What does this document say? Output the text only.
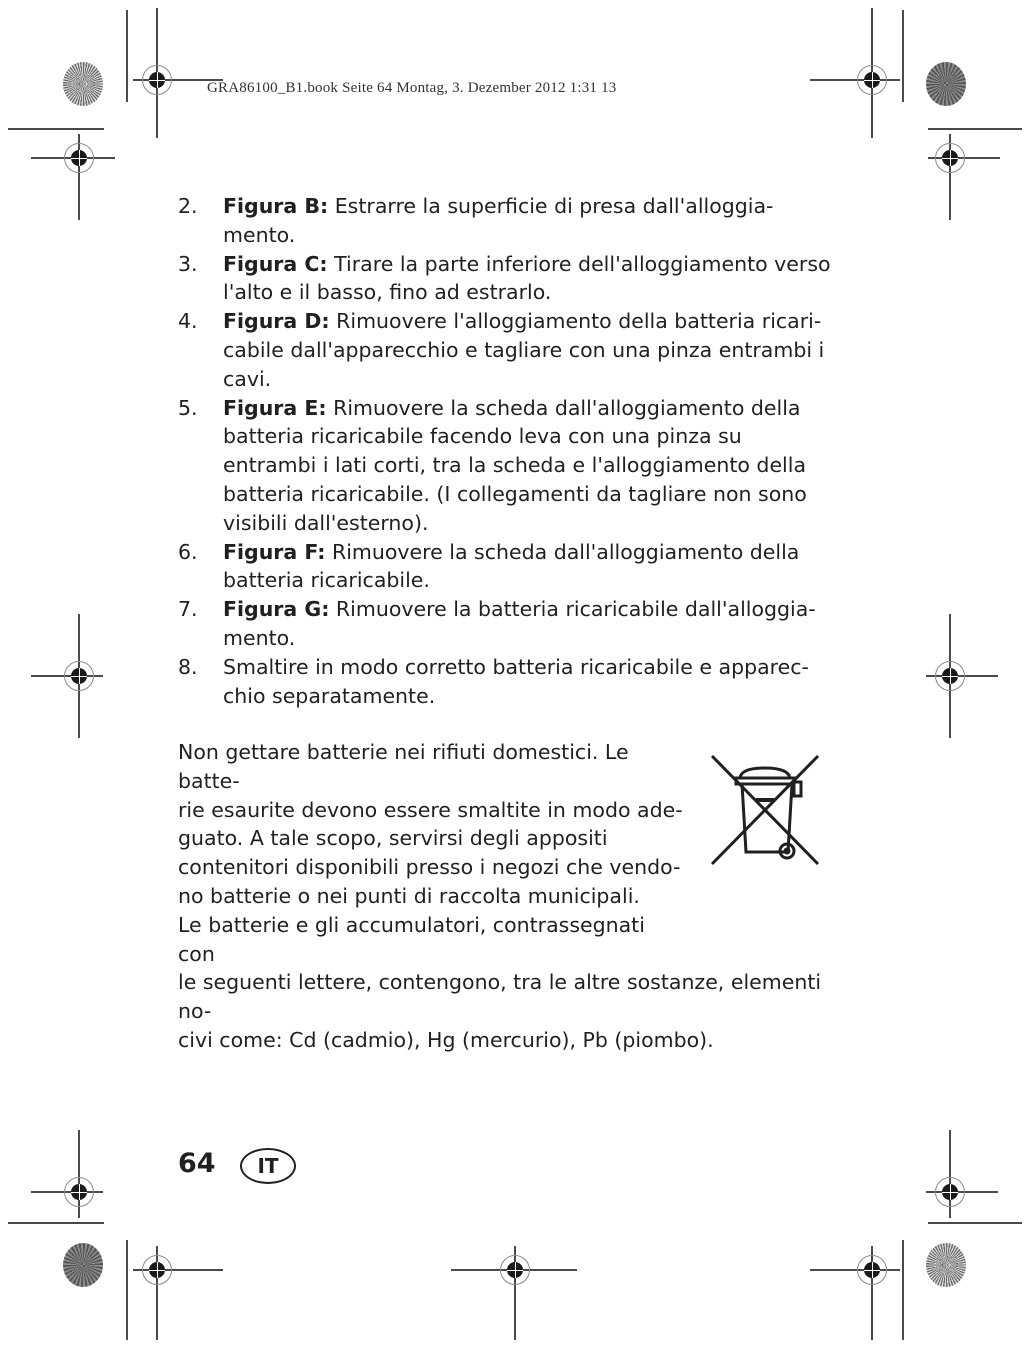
GRA86100_B1.book Seite 64 Montag, 3. Dezember 2012 1:31 13
2. Figura B: Estrarre la superficie di presa dall'alloggia-mento.
3. Figura C: Tirare la parte inferiore dell'alloggiamento verso l'alto e il basso, fino ad estrarlo.
4. Figura D: Rimuovere l'alloggiamento della batteria ricari-cabile dall'apparecchio e tagliare con una pinza entrambi i cavi.
5. Figura E: Rimuovere la scheda dall'alloggiamento della batteria ricaricabile facendo leva con una pinza su entrambi i lati corti, tra la scheda e l'alloggiamento della batteria ricaricabile. (I collegamenti da tagliare non sono visibili dall'esterno).
6. Figura F: Rimuovere la scheda dall'alloggiamento della batteria ricaricabile.
7. Figura G: Rimuovere la batteria ricaricabile dall'alloggia-mento.
8. Smaltire in modo corretto batteria ricaricabile e apparec-chio separatamente.
Non gettare batterie nei rifiuti domestici. Le batte-
rie esaurite devono essere smaltite in modo ade-
guato. A tale scopo, servirsi degli appositi
contenitori disponibili presso i negozi che vendo-
no batterie o nei punti di raccolta municipali.
Le batterie e gli accumulatori, contrassegnati con
le seguenti lettere, contengono, tra le altre sostanze, elementi no-
civi come: Cd (cadmio), Hg (mercurio), Pb (piombo).
64 IT
